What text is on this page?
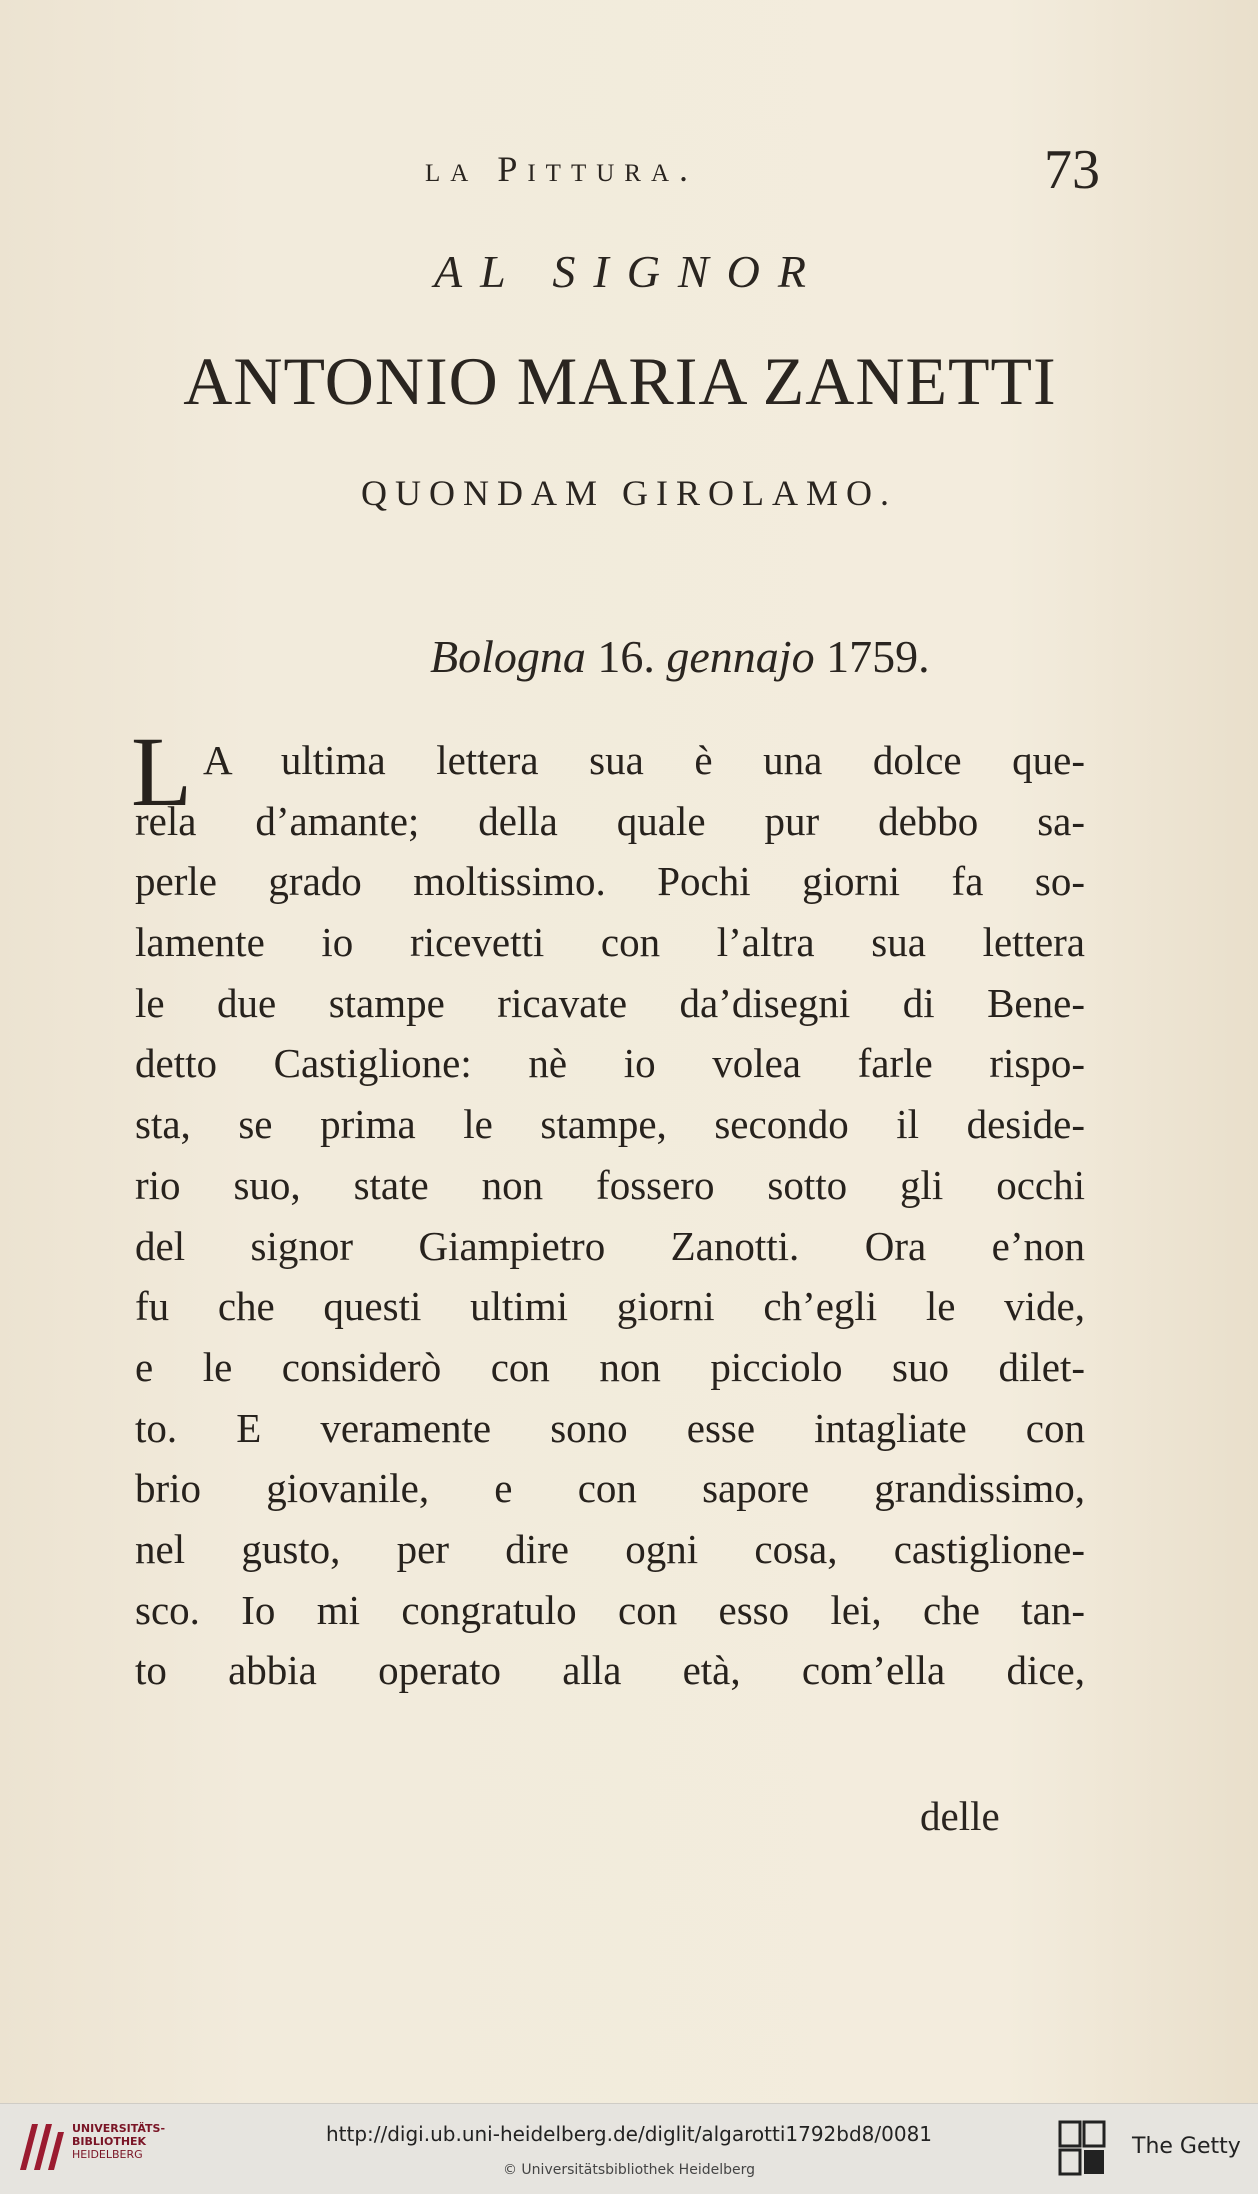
la Pittura.	73
AL SIGNOR
ANTONIO MARIA ZANETTI
QUONDAM GIROLAMO.
Bologna 16. gennajo 1759.
L A ultima lettera sua è una dolce que-
rela d’amante; della quale pur debbo sa-
perle grado moltissimo. Pochi giorni fa so-
lamente io ricevetti con l’altra sua lettera
le due stampe ricavate da’disegni di Bene-
detto Castiglione: nè io volea farle rispo-
sta, se prima le stampe, secondo il deside-
rio suo, state non fossero sotto gli occhi
del signor Giampietro Zanotti. Ora e’non
fu che questi ultimi giorni ch’egli le vide,
e le considerò con non picciolo suo dilet-
to. E veramente sono esse intagliate con
brio giovanile, e con sapore grandissimo,
nel gusto, per dire ogni cosa, castiglione-
sco. Io mi congratulo con esso lei, che tan-
to abbia operato alla età, com’ella dice,
delle
UNIVERSITÄTS-
BIBLIOTHEK
HEIDELBERG
http://digi.ub.uni-heidelberg.de/diglit/algarotti1792bd8/0081
© Universitätsbibliothek Heidelberg
The Getty
